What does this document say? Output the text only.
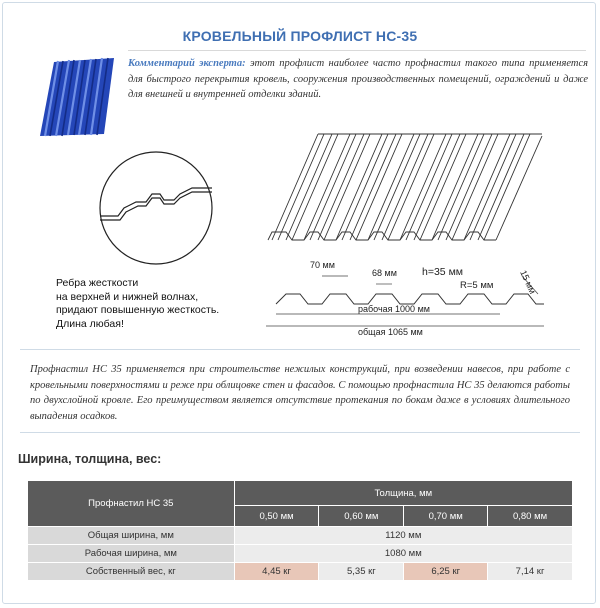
КРОВЕЛЬНЫЙ ПРОФЛИСТ НС-35
Комментарий эксперта: этот профлист наиболее часто профнастил такого типа применяется для быстрого перекрытия кровель, сооружения производственных помещений, ограждений и даже для внешней и внутренней отделки зданий.
70 мм
68 мм h=35 мм
R=5 мм	15 мм
рабочая 1000 мм
общая 1065 мм
Ребра жесткости
на верхней и нижней волнах,
придают повышенную жесткость.
Длина любая!
Профнастил НС 35 применяется при строительстве нежилых конструкций, при возведении навесов, при работе с кровельными поверхностями и реже при облицовке стен и фасадов. С помощью профнастила НС 35 делаются работы по двухслойной кровле. Его преимуществом является отсутствие протекания по бокам даже в условиях длительного выпадения осадков.
Ширина, толщина, вес:
Профнастил НС 35	Толщина, мм			
	0,50 мм	0,60 мм	0,70 мм	0,80 мм
Общая ширина, мм	1120 мм			
Рабочая ширина, мм	1080 мм			
Собственный вес, кг	4,45 кг	5,35 кг	6,25 кг	7,14 кг
